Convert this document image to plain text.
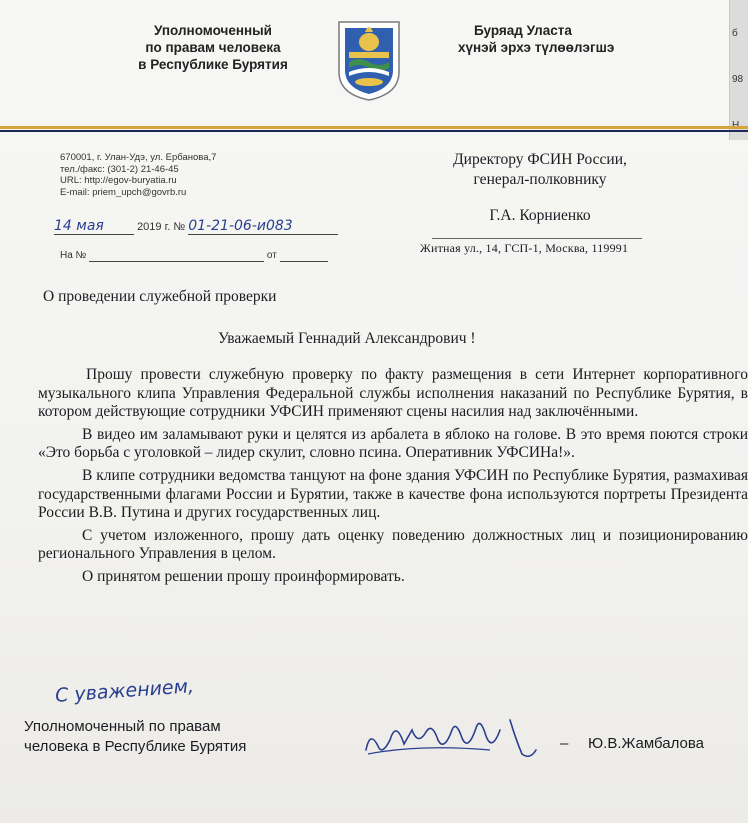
б
98
Уполномоченный
по правам человека
в Республике Бурятия
Буряад Уласта
хүнэй эрхэ түлөөлэгшэ
670001, г. Улан-Удэ, ул. Ербанова,7
тел./факс: (301-2) 21-46-45
URL: http://egov-buryatia.ru
E-mail: priem_upch@govrb.ru
14 мая	2019 г. № 01-21-06-и083
На №	от
Директору ФСИН России,
генерал-полковнику
Г.А. Корниенко
Житная ул., 14, ГСП-1, Москва, 119991
О проведении служебной проверки
Уважаемый Геннадий Александрович !

Прошу провести служебную проверку по факту размещения в сети Интернет корпоративного музыкального клипа Управления Федеральной службы исполнения наказаний по Республике Бурятия, в котором действующие сотрудники УФСИН применяют сцены насилия над заключёнными.

В видео им заламывают руки и целятся из арбалета в яблоко на голове. В это время поются строки «Это борьба с уголовкой – лидер скулит, словно псина. Оперативник УФСИНа!».

В клипе сотрудники ведомства танцуют на фоне здания УФСИН по Республике Бурятия, размахивая государственными флагами России и Бурятии, также в качестве фона используются портреты Президента России В.В. Путина и других государственных лиц.

С учетом изложенного, прошу дать оценку поведению должностных лиц и позиционированию регионального Управления в целом.

О принятом решении прошу проинформировать.

С уважением,
Уполномоченный по правам
человека в Республике Бурятия	– Ю.В.Жамбалова
